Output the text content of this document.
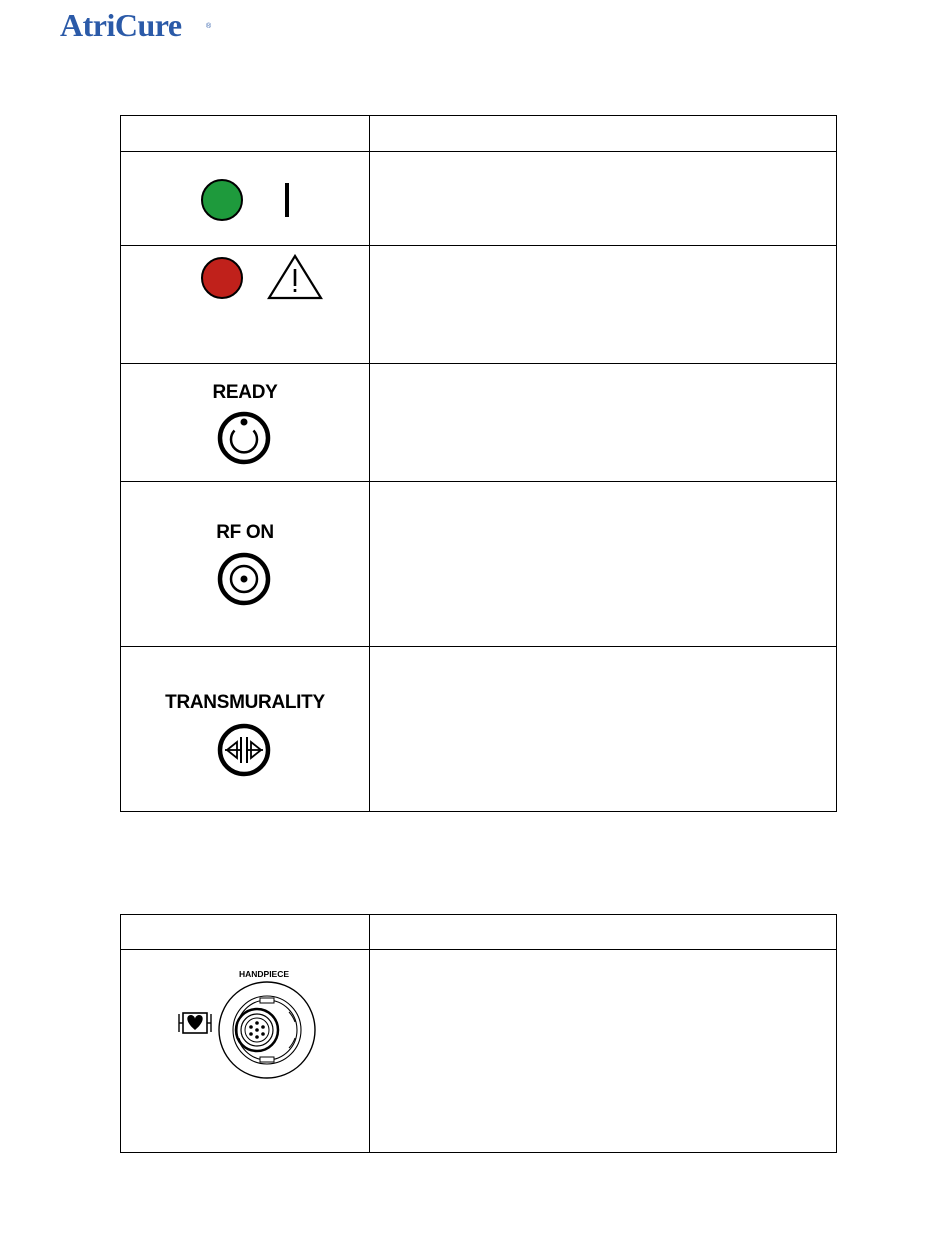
AtriCure	®

READY	

RF ON	

TRANSMURALITY	

HANDPIECE	
